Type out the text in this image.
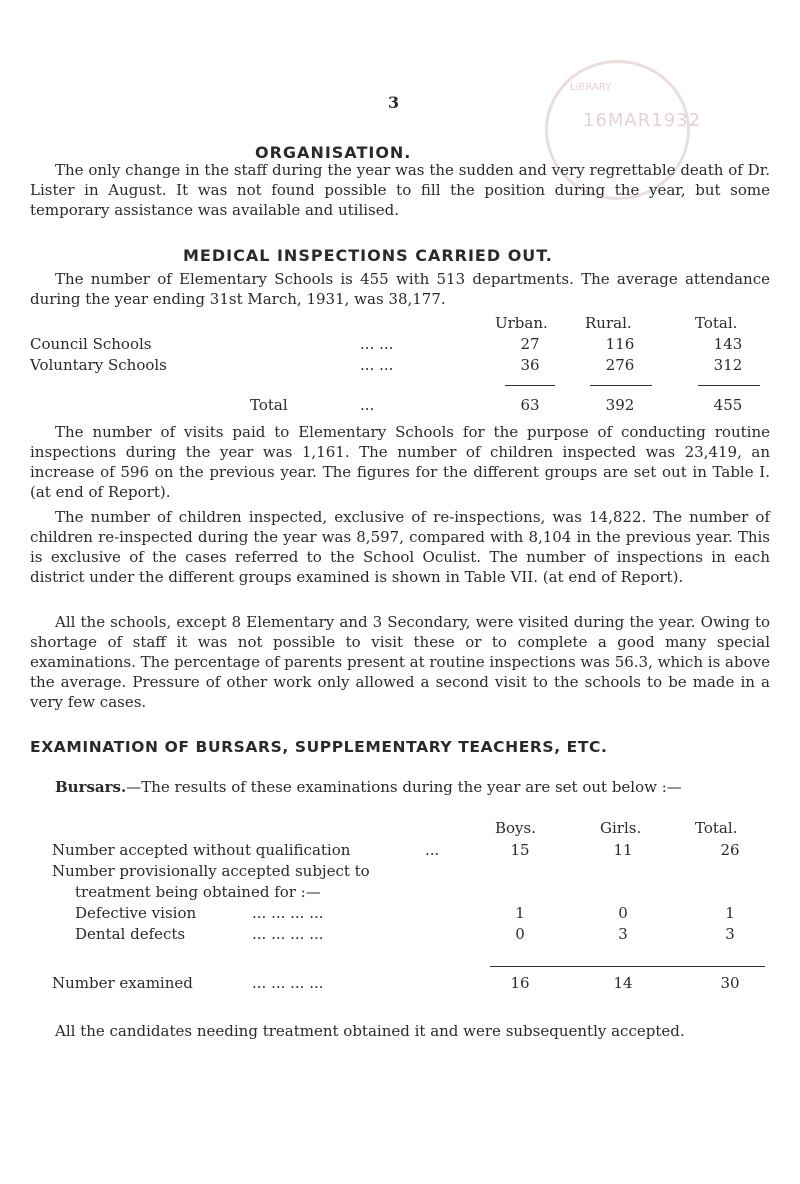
3
LIBRARY
16MAR1932
ORGANISATION.

The only change in the staff during the year was the sudden and very regrettable death of Dr. Lister in August. It was not found possible to fill the position during the year, but some temporary assistance was available and utilised.

MEDICAL INSPECTIONS CARRIED OUT.

The number of Elementary Schools is 455 with 513 departments. The average attendance during the year ending 31st March, 1931, was 38,177.

Urban. Rural.	Total.
Council Schools	... ...	27	116	143
Voluntary Schools	... ...	36	276	312
Total	...	63	392	455

The number of visits paid to Elementary Schools for the purpose of conducting routine inspections during the year was 1,161. The number of children inspected was 23,419, an increase of 596 on the previous year. The figures for the different groups are set out in Table I. (at end of Report).

The number of children inspected, exclusive of re-inspections, was 14,822. The number of children re-inspected during the year was 8,597, compared with 8,104 in the previous year. This is exclusive of the cases referred to the School Oculist. The number of inspections in each district under the different groups examined is shown in Table VII. (at end of Report).

All the schools, except 8 Elementary and 3 Secondary, were visited during the year. Owing to shortage of staff it was not possible to visit these or to complete a good many special examinations. The percentage of parents present at routine inspections was 56.3, which is above the average. Pressure of other work only allowed a second visit to the schools to be made in a very few cases.

EXAMINATION OF BURSARS, SUPPLEMENTARY TEACHERS, ETC.

Bursars.—The results of these examinations during the year are set out below :—

Boys.	Girls.	Total.
Number accepted without qualification	...	15	11	26
Number provisionally accepted subject to
treatment being obtained for :—
Defective vision	... ... ... ...	1	0	1
Dental defects	... ... ... ...	0	3	3
Number examined	... ... ... ...	16	14	30

All the candidates needing treatment obtained it and were subsequently accepted.
